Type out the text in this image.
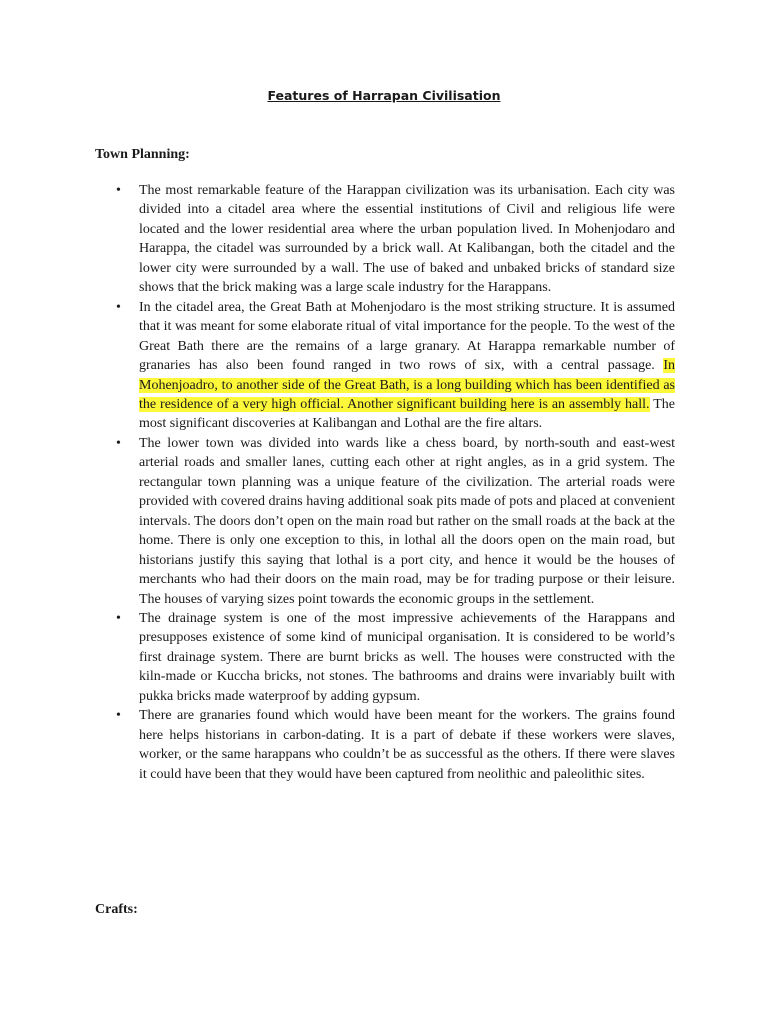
Features of Harrapan Civilisation
Town Planning:
• The most remarkable feature of the Harappan civilization was its urbanisation. Each city was divided into a citadel area where the essential institutions of Civil and religious life were located and the lower residential area where the urban population lived. In Mohenjodaro and Harappa, the citadel was surrounded by a brick wall. At Kalibangan, both the citadel and the lower city were surrounded by a wall. The use of baked and unbaked bricks of standard size shows that the brick making was a large scale industry for the Harappans.
• In the citadel area, the Great Bath at Mohenjodaro is the most striking structure. It is assumed that it was meant for some elaborate ritual of vital importance for the people. To the west of the Great Bath there are the remains of a large granary. At Harappa remarkable number of granaries has also been found ranged in two rows of six, with a central passage. In Mohenjoadro, to another side of the Great Bath, is a long building which has been identified as the residence of a very high official. Another significant building here is an assembly hall. The most significant discoveries at Kalibangan and Lothal are the fire altars.
• The lower town was divided into wards like a chess board, by north-south and east-west arterial roads and smaller lanes, cutting each other at right angles, as in a grid system. The rectangular town planning was a unique feature of the civilization. The arterial roads were provided with covered drains having additional soak pits made of pots and placed at convenient intervals. The doors don’t open on the main road but rather on the small roads at the back at the home. There is only one exception to this, in lothal all the doors open on the main road, but historians justify this saying that lothal is a port city, and hence it would be the houses of merchants who had their doors on the main road, may be for trading purpose or their leisure. The houses of varying sizes point towards the economic groups in the settlement.
• The drainage system is one of the most impressive achievements of the Harappans and presupposes existence of some kind of municipal organisation. It is considered to be world’s first drainage system. There are burnt bricks as well. The houses were constructed with the kiln-made or Kuccha bricks, not stones. The bathrooms and drains were invariably built with pukka bricks made waterproof by adding gypsum.
• There are granaries found which would have been meant for the workers. The grains found here helps historians in carbon-dating. It is a part of debate if these workers were slaves, worker, or the same harappans who couldn’t be as successful as the others. If there were slaves it could have been that they would have been captured from neolithic and paleolithic sites.
Crafts:
